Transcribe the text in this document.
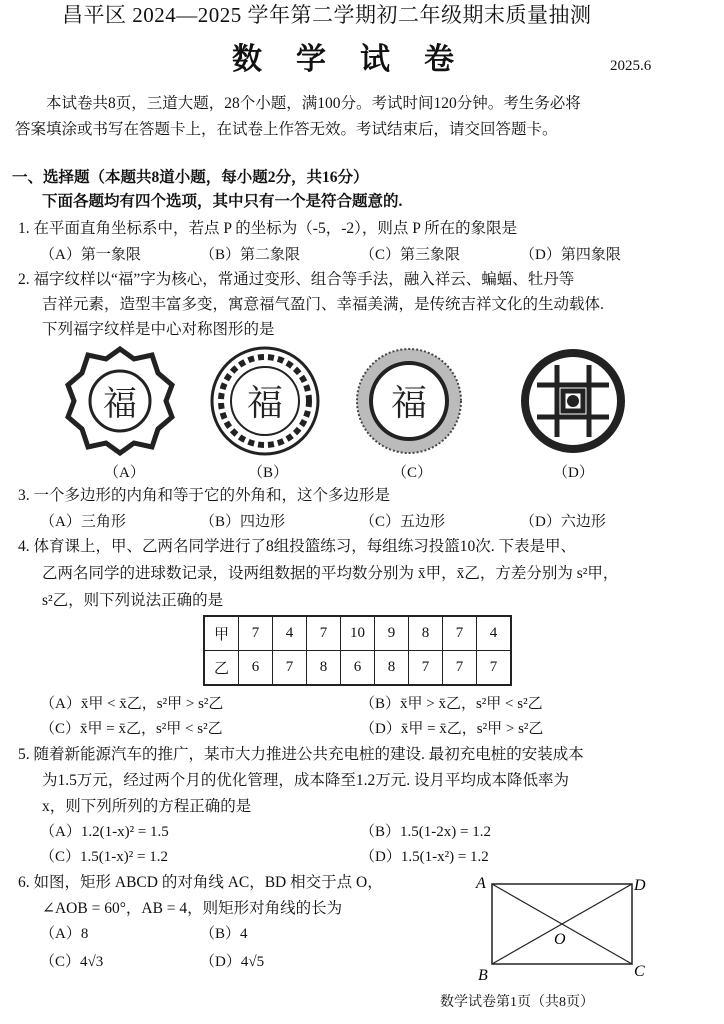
昌平区 2024—2025 学年第二学期初二年级期末质量抽测
数学试卷	2025.6
本试卷共8页，三道大题，28个小题，满100分。考试时间120分钟。考生务必将
答案填涂或书写在答题卡上，在试卷上作答无效。考试结束后，请交回答题卡。
一、选择题（本题共8道小题，每小题2分，共16分）
下面各题均有四个选项，其中只有一个是符合题意的.
1. 在平面直角坐标系中，若点 P 的坐标为（-5，-2），则点 P 所在的象限是
（A）第一象限	（B）第二象限	（C）第三象限	（D）第四象限
2. 福字纹样以“福”字为核心，常通过变形、组合等手法，融入祥云、蝙蝠、牡丹等
吉祥元素，造型丰富多变，寓意福气盈门、幸福美满，是传统吉祥文化的生动载体.
下列福字纹样是中心对称图形的是
福	福	福
（A）	（B）	（C）	（D）
3. 一个多边形的内角和等于它的外角和，这个多边形是
（A）三角形	（B）四边形	（C）五边形	（D）六边形
4. 体育课上，甲、乙两名同学进行了8组投篮练习，每组练习投篮10次. 下表是甲、
乙两名同学的进球数记录，设两组数据的平均数分别为 x̄甲，x̄乙，方差分别为 s²甲，
s²乙，则下列说法正确的是
甲	7	4	7	10	9	8	7	4
乙	6	7	8	6	8	7	7	7
（A）x̄甲 < x̄乙，s²甲 > s²乙	（B）x̄甲 > x̄乙，s²甲 < s²乙
（C）x̄甲 = x̄乙，s²甲 < s²乙	（D）x̄甲 = x̄乙，s²甲 > s²乙
5. 随着新能源汽车的推广，某市大力推进公共充电桩的建设. 最初充电桩的安装成本
为1.5万元，经过两个月的优化管理，成本降至1.2万元. 设月平均成本降低率为
x，则下列所列的方程正确的是
（A）1.2(1-x)² = 1.5	（B）1.5(1-2x) = 1.2
（C）1.5(1-x)² = 1.2	（D）1.5(1-x²) = 1.2
6. 如图，矩形 ABCD 的对角线 AC，BD 相交于点 O，
∠AOB = 60°，AB = 4，则矩形对角线的长为
（A）8	（B）4
（C）4√3	（D）4√5
A	D
B	C
O
数学试卷第1页（共8页）
